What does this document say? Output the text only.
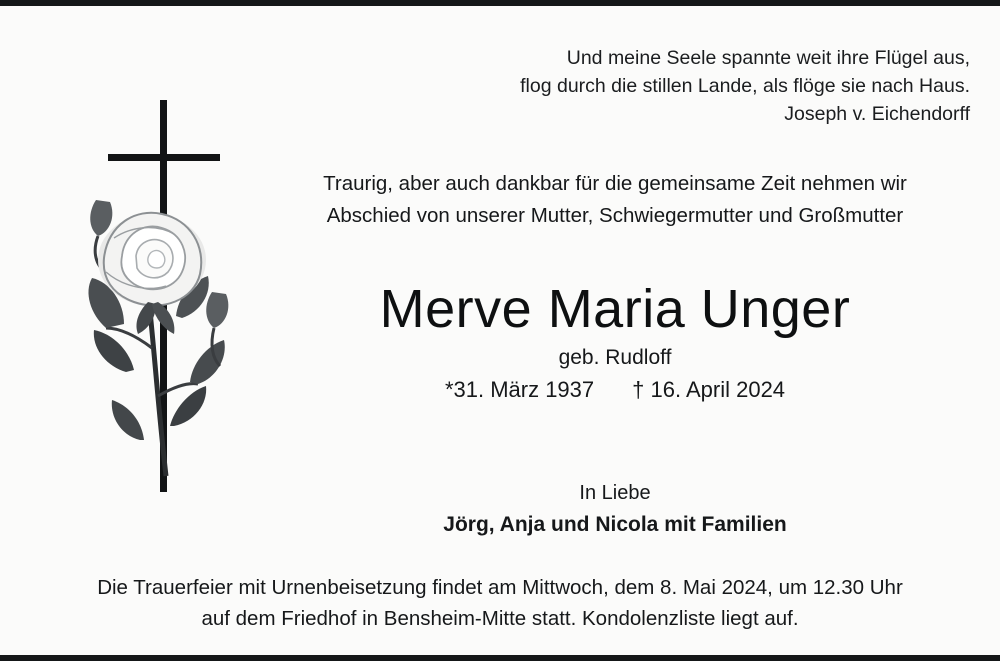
Und meine Seele spannte weit ihre Flügel aus,
flog durch die stillen Lande, als flöge sie nach Haus.
Joseph v. Eichendorff
Traurig, aber auch dankbar für die gemeinsame Zeit nehmen wir
Abschied von unserer Mutter, Schwiegermutter und Großmutter
Merve Maria Unger
geb. Rudloff
*31. März 1937 † 16. April 2024
In Liebe
Jörg, Anja und Nicola mit Familien
Die Trauerfeier mit Urnenbeisetzung findet am Mittwoch, dem 8. Mai 2024, um 12.30 Uhr
auf dem Friedhof in Bensheim-Mitte statt. Kondolenzliste liegt auf.
